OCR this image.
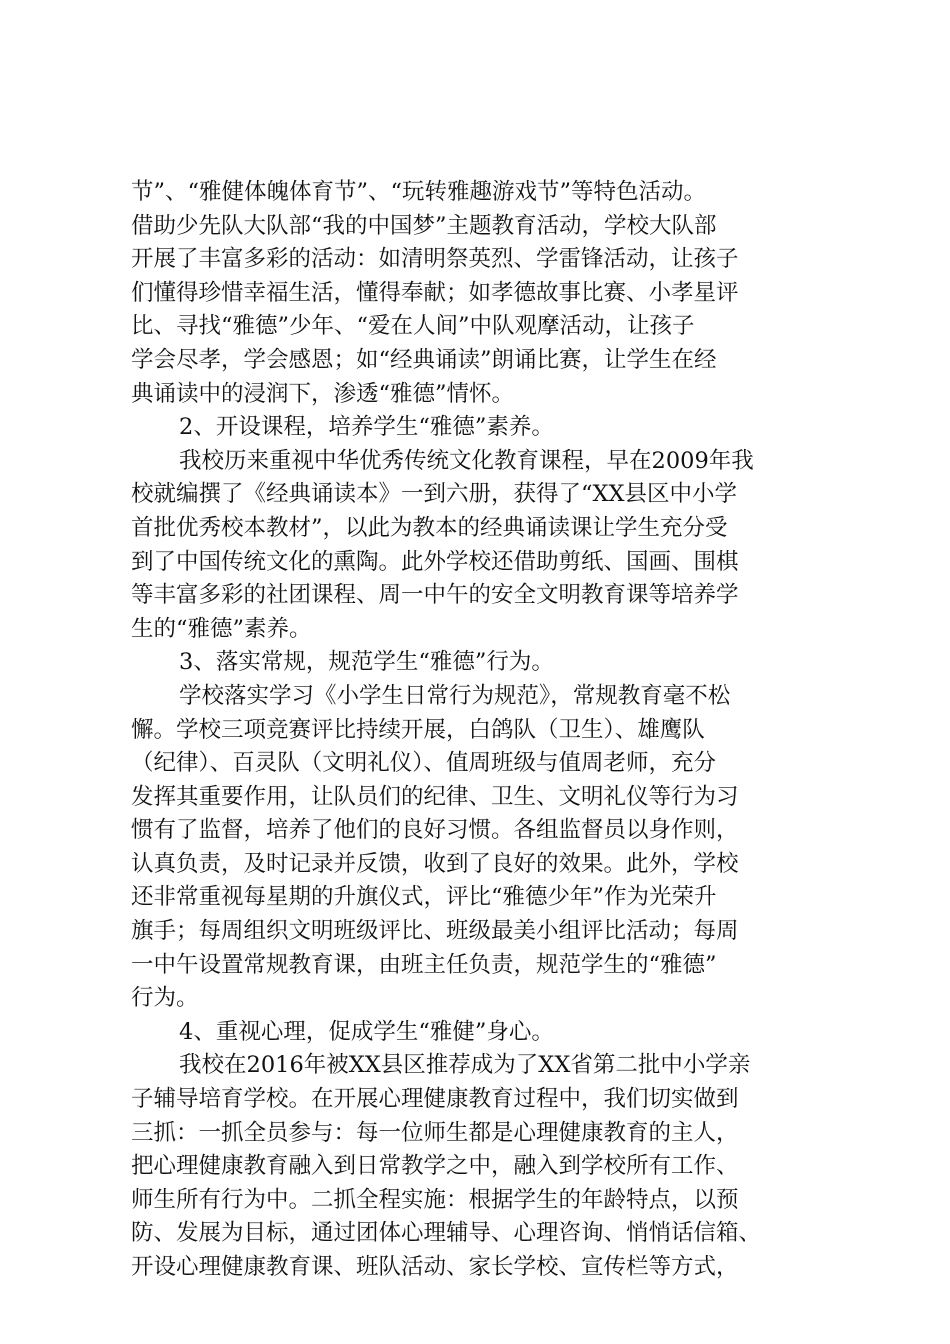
节”、“雅健体魄体育节”、“玩转雅趣游戏节”等特色活动。
借助少先队大队部“我的中国梦”主题教育活动，学校大队部
开展了丰富多彩的活动：如清明祭英烈、学雷锋活动，让孩子
们懂得珍惜幸福生活，懂得奉献；如孝德故事比赛、小孝星评
比、寻找“雅德”少年、“爱在人间”中队观摩活动，让孩子
学会尽孝，学会感恩；如“经典诵读”朗诵比赛，让学生在经
典诵读中的浸润下，渗透“雅德”情怀。
2、开设课程，培养学生“雅德”素养。
我校历来重视中华优秀传统文化教育课程，早在2009年我
校就编撰了《经典诵读本》一到六册，获得了“XX县区中小学
首批优秀校本教材”，以此为教本的经典诵读课让学生充分受
到了中国传统文化的熏陶。此外学校还借助剪纸、国画、围棋
等丰富多彩的社团课程、周一中午的安全文明教育课等培养学
生的“雅德”素养。
3、落实常规，规范学生“雅德”行为。
学校落实学习《小学生日常行为规范》，常规教育毫不松
懈。学校三项竞赛评比持续开展，白鸽队（卫生）、雄鹰队
（纪律）、百灵队（文明礼仪）、值周班级与值周老师，充分
发挥其重要作用，让队员们的纪律、卫生、文明礼仪等行为习
惯有了监督，培养了他们的良好习惯。各组监督员以身作则，
认真负责，及时记录并反馈，收到了良好的效果。此外，学校
还非常重视每星期的升旗仪式，评比“雅德少年”作为光荣升
旗手；每周组织文明班级评比、班级最美小组评比活动；每周
一中午设置常规教育课，由班主任负责，规范学生的“雅德”
行为。
4、重视心理，促成学生“雅健”身心。
我校在2016年被XX县区推荐成为了XX省第二批中小学亲
子辅导培育学校。在开展心理健康教育过程中，我们切实做到
三抓：一抓全员参与：每一位师生都是心理健康教育的主人，
把心理健康教育融入到日常教学之中，融入到学校所有工作、
师生所有行为中。二抓全程实施：根据学生的年龄特点，以预
防、发展为目标，通过团体心理辅导、心理咨询、悄悄话信箱、
开设心理健康教育课、班队活动、家长学校、宣传栏等方式，
